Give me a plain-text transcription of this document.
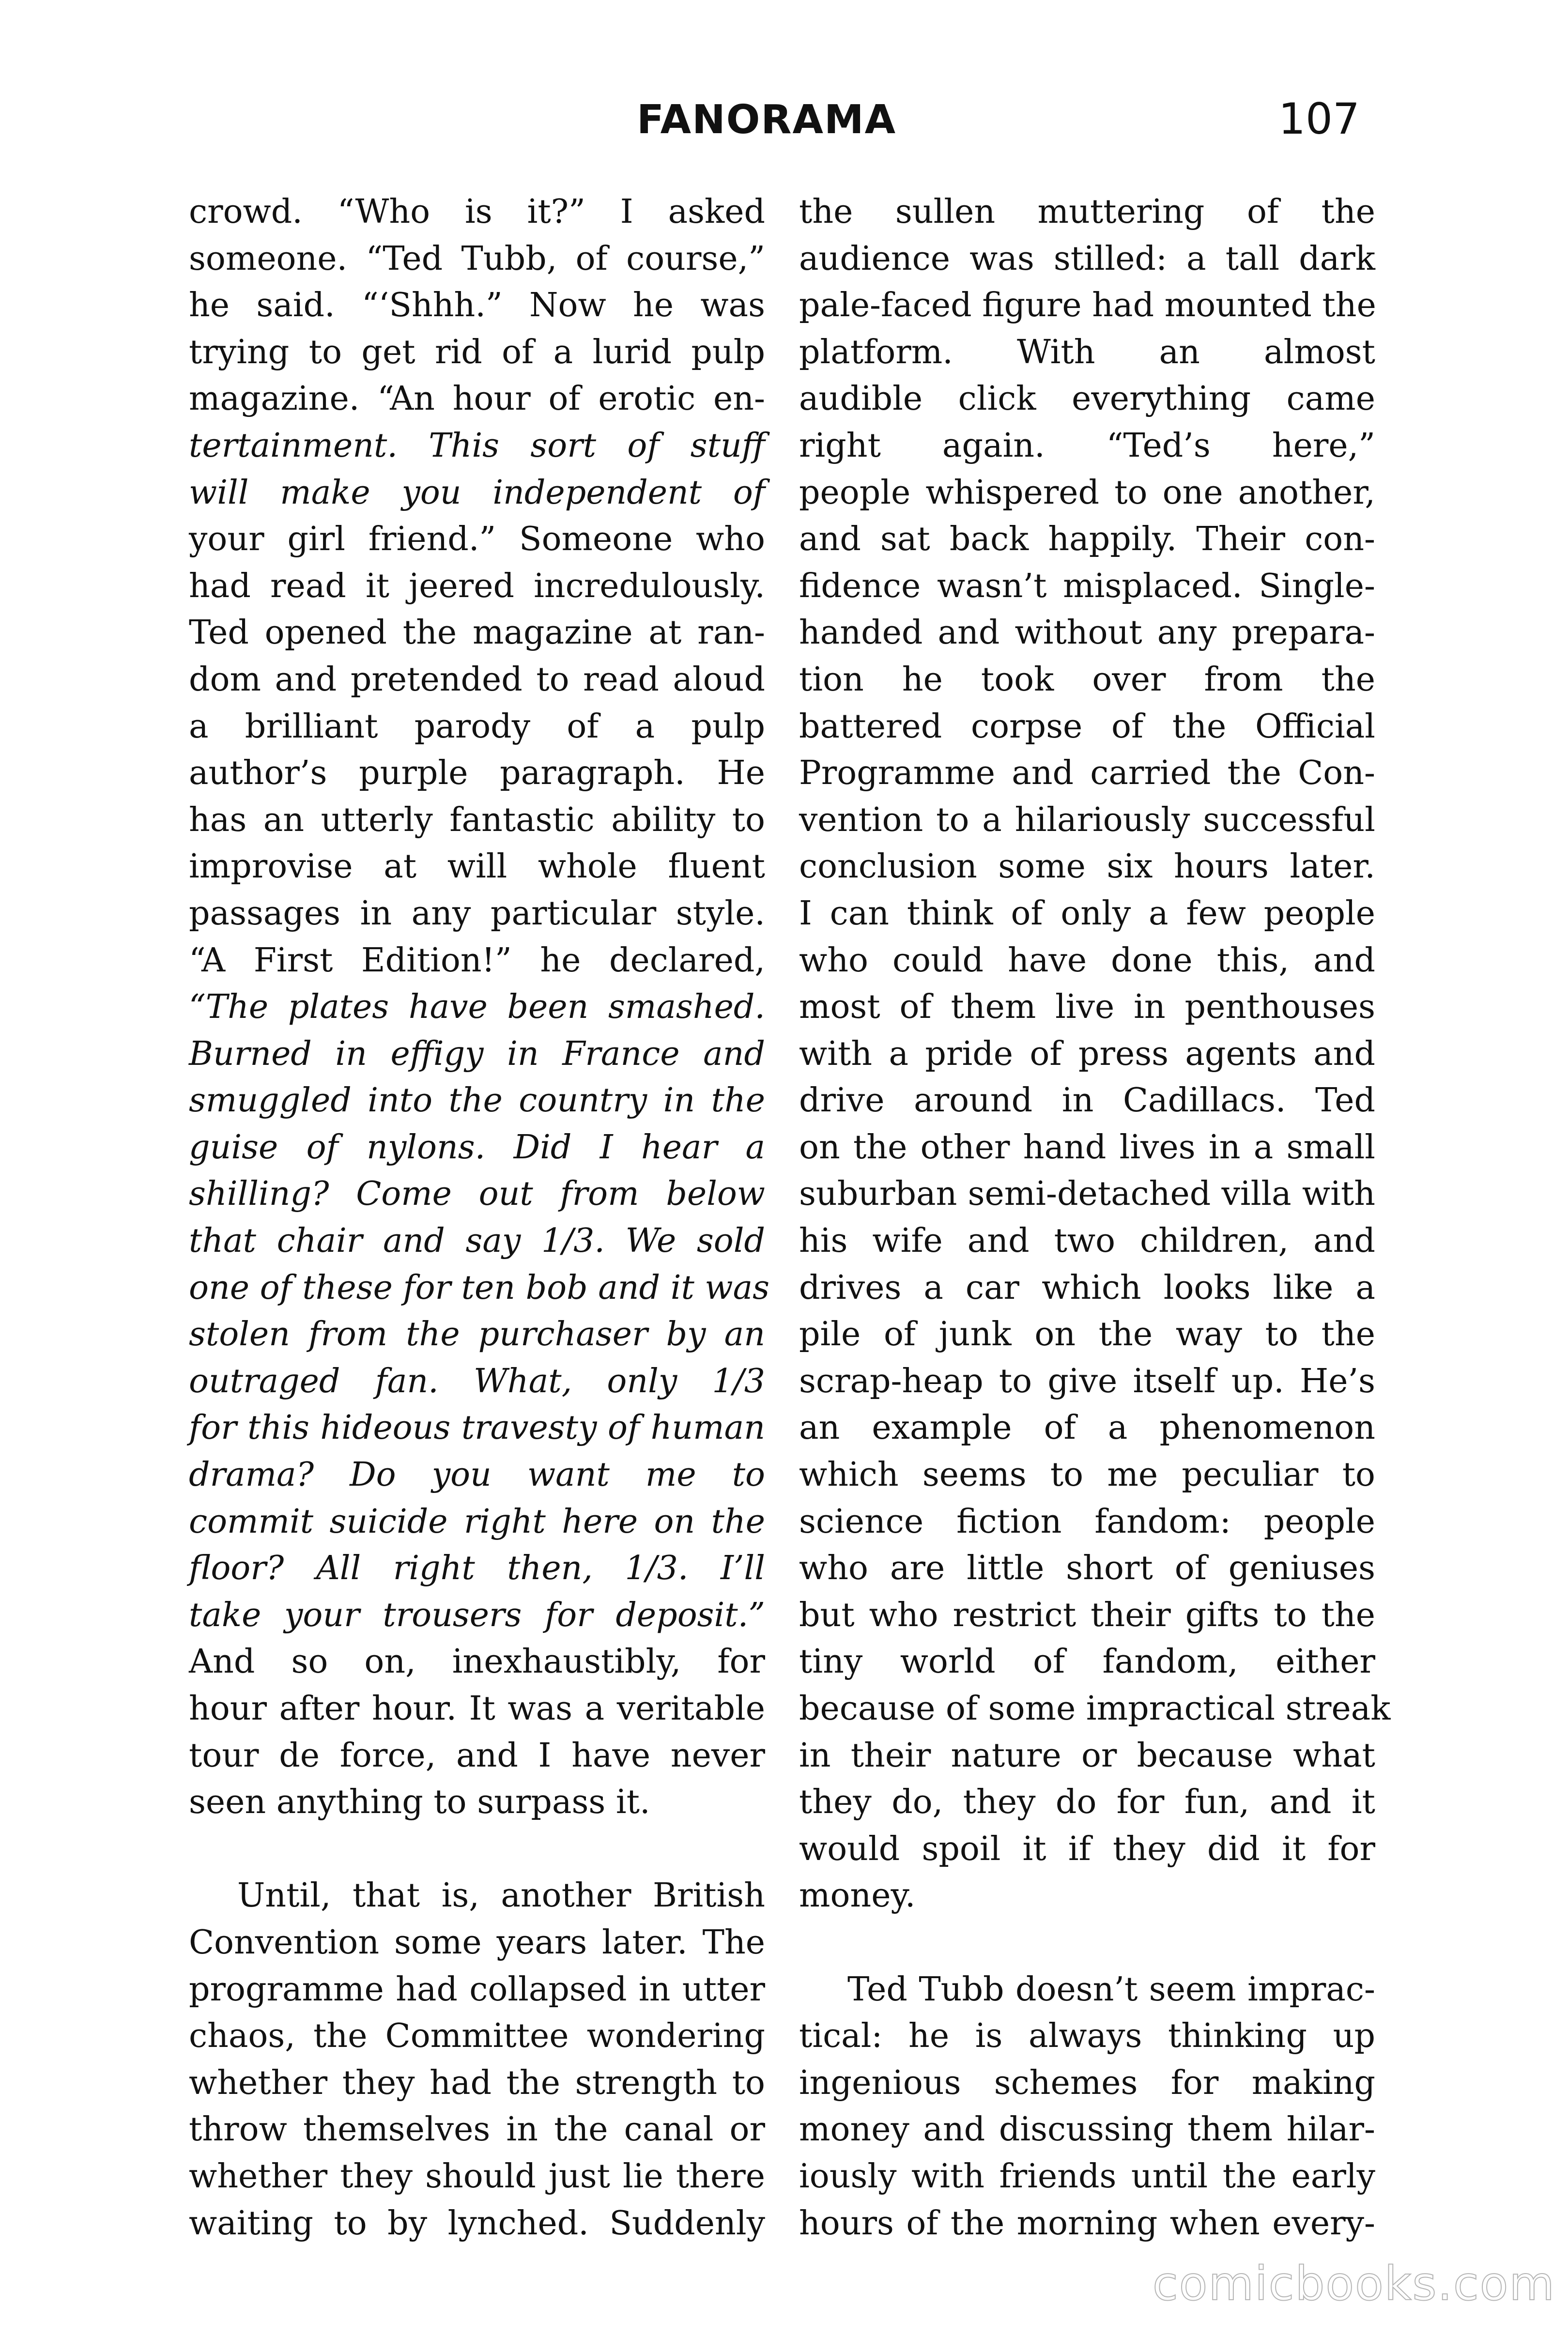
FANORAMA	107
crowd. “Who is it?” I asked
someone. “Ted Tubb, of course,”
he said. “‘Shhh.” Now he was
trying to get rid of a lurid pulp
magazine. “An hour of erotic en-
tertainment. This sort of stuff
will make you independent of
your girl friend.” Someone who
had read it jeered incredulously.
Ted opened the magazine at ran-
dom and pretended to read aloud
a brilliant parody of a pulp
author’s purple paragraph. He
has an utterly fantastic ability to
improvise at will whole fluent
passages in any particular style.
“A First Edition!” he declared,
“The plates have been smashed.
Burned in effigy in France and
smuggled into the country in the
guise of nylons. Did I hear a
shilling? Come out from below
that chair and say 1/3. We sold
one of these for ten bob and it was
stolen from the purchaser by an
outraged fan. What, only 1/3
for this hideous travesty of human
drama? Do you want me to
commit suicide right here on the
floor? All right then, 1/3. I’ll
take your trousers for deposit.”
And so on, inexhaustibly, for
hour after hour. It was a veritable
tour de force, and I have never
seen anything to surpass it.
Until, that is, another British
Convention some years later. The
programme had collapsed in utter
chaos, the Committee wondering
whether they had the strength to
throw themselves in the canal or
whether they should just lie there
waiting to by lynched. Suddenly
the sullen muttering of the
audience was stilled: a tall dark
pale-faced figure had mounted the
platform. With an almost
audible click everything came
right again. “Ted’s here,”
people whispered to one another,
and sat back happily. Their con-
fidence wasn’t misplaced. Single-
handed and without any prepara-
tion he took over from the
battered corpse of the Official
Programme and carried the Con-
vention to a hilariously successful
conclusion some six hours later.
I can think of only a few people
who could have done this, and
most of them live in penthouses
with a pride of press agents and
drive around in Cadillacs. Ted
on the other hand lives in a small
suburban semi-detached villa with
his wife and two children, and
drives a car which looks like a
pile of junk on the way to the
scrap-heap to give itself up. He’s
an example of a phenomenon
which seems to me peculiar to
science fiction fandom: people
who are little short of geniuses
but who restrict their gifts to the
tiny world of fandom, either
because of some impractical streak
in their nature or because what
they do, they do for fun, and it
would spoil it if they did it for
money.
Ted Tubb doesn’t seem imprac-
tical: he is always thinking up
ingenious schemes for making
money and discussing them hilar-
iously with friends until the early
hours of the morning when every-
comicbooks.com
